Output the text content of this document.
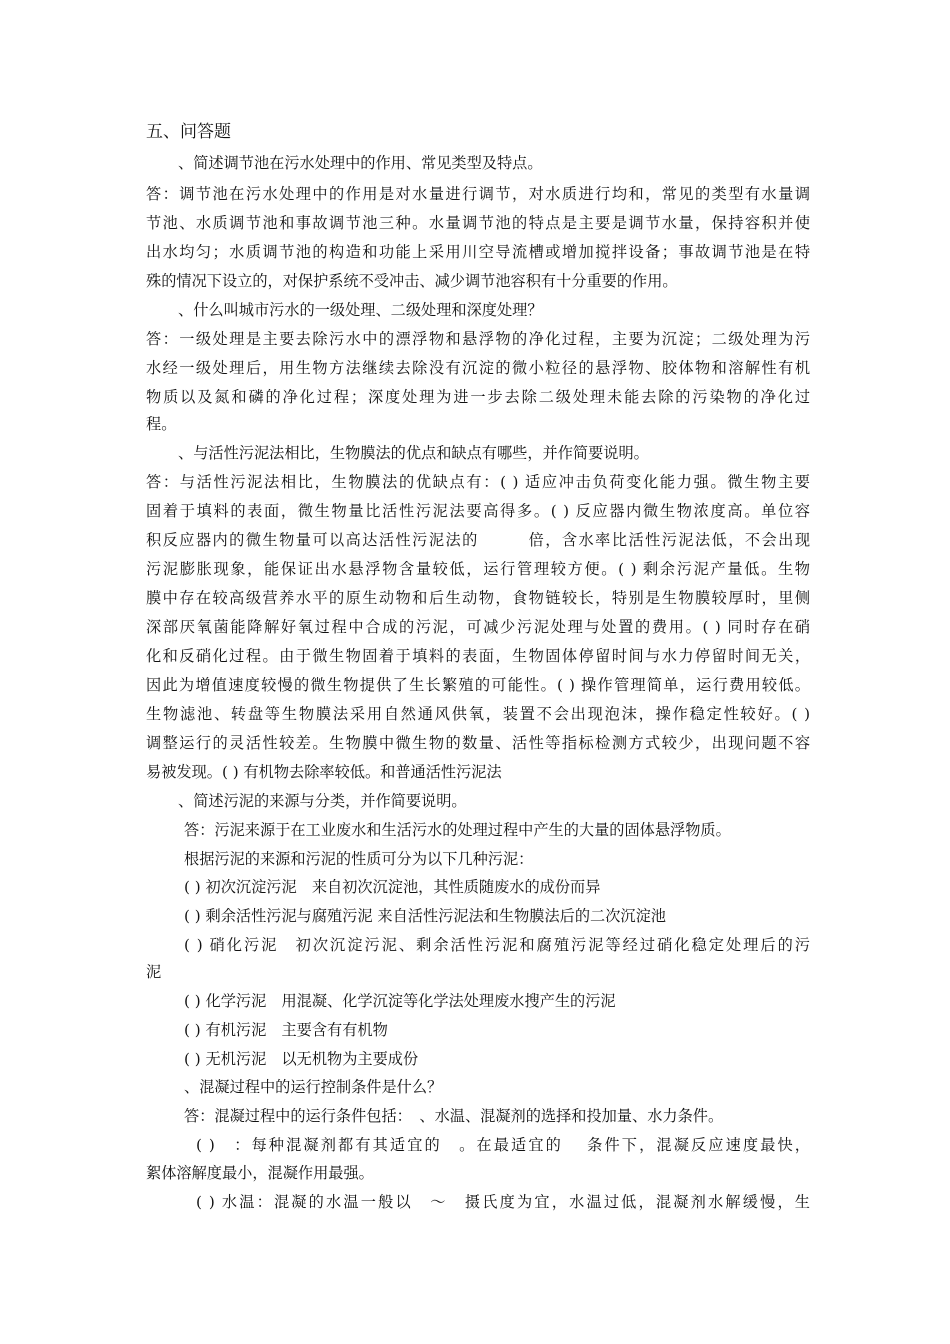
五、问答题
、简述调节池在污水处理中的作用、常见类型及特点。
答：调节池在污水处理中的作用是对水量进行调节，对水质进行均和，常见的类型有水量调
节池、水质调节池和事故调节池三种。水量调节池的特点是主要是调节水量，保持容积并使
出水均匀；水质调节池的构造和功能上采用川空导流槽或增加搅拌设备；事故调节池是在特
殊的情况下设立的，对保护系统不受冲击、减少调节池容积有十分重要的作用。
、什么叫城市污水的一级处理、二级处理和深度处理？
答：一级处理是主要去除污水中的漂浮物和悬浮物的净化过程，主要为沉淀；二级处理为污
水经一级处理后，用生物方法继续去除没有沉淀的微小粒径的悬浮物、胶体物和溶解性有机
物质以及氮和磷的净化过程；深度处理为进一步去除二级处理未能去除的污染物的净化过
程。
、与活性污泥法相比，生物膜法的优点和缺点有哪些，并作简要说明。
答：与活性污泥法相比，生物膜法的优缺点有：( ) 适应冲击负荷变化能力强。微生物主要
固着于填料的表面，微生物量比活性污泥法要高得多。( ) 反应器内微生物浓度高。单位容
积反应器内的微生物量可以高达活性污泥法的　　　倍，含水率比活性污泥法低，不会出现
污泥膨胀现象，能保证出水悬浮物含量较低，运行管理较方便。( ) 剩余污泥产量低。生物
膜中存在较高级营养水平的原生动物和后生动物，食物链较长，特别是生物膜较厚时，里侧
深部厌氧菌能降解好氧过程中合成的污泥，可减少污泥处理与处置的费用。( ) 同时存在硝
化和反硝化过程。由于微生物固着于填料的表面，生物固体停留时间与水力停留时间无关，
因此为增值速度较慢的微生物提供了生长繁殖的可能性。( ) 操作管理简单，运行费用较低。
生物滤池、转盘等生物膜法采用自然通风供氧，装置不会出现泡沫，操作稳定性较好。( )
调整运行的灵活性较差。生物膜中微生物的数量、活性等指标检测方式较少，出现问题不容
易被发现。( ) 有机物去除率较低。和普通活性污泥法
、简述污泥的来源与分类，并作简要说明。
答：污泥来源于在工业废水和生活污水的处理过程中产生的大量的固体悬浮物质。
根据污泥的来源和污泥的性质可分为以下几种污泥：
( ) 初次沉淀污泥　来自初次沉淀池，其性质随废水的成份而异
( ) 剩余活性污泥与腐殖污泥 来自活性污泥法和生物膜法后的二次沉淀池
( ) 硝化污泥　初次沉淀污泥、剩余活性污泥和腐殖污泥等经过硝化稳定处理后的污
泥
( ) 化学污泥　用混凝、化学沉淀等化学法处理废水搜产生的污泥
( ) 有机污泥　主要含有有机物
( ) 无机污泥　以无机物为主要成份
、混凝过程中的运行控制条件是什么？
答：混凝过程中的运行条件包括：　、水温、混凝剂的选择和投加量、水力条件。
( )　：每种混凝剂都有其适宜的　。在最适宜的　 条件下，混凝反应速度最快，
絮体溶解度最小，混凝作用最强。
( ) 水温：混凝的水温一般以　～　摄氏度为宜，水温过低，混凝剂水解缓慢，生
